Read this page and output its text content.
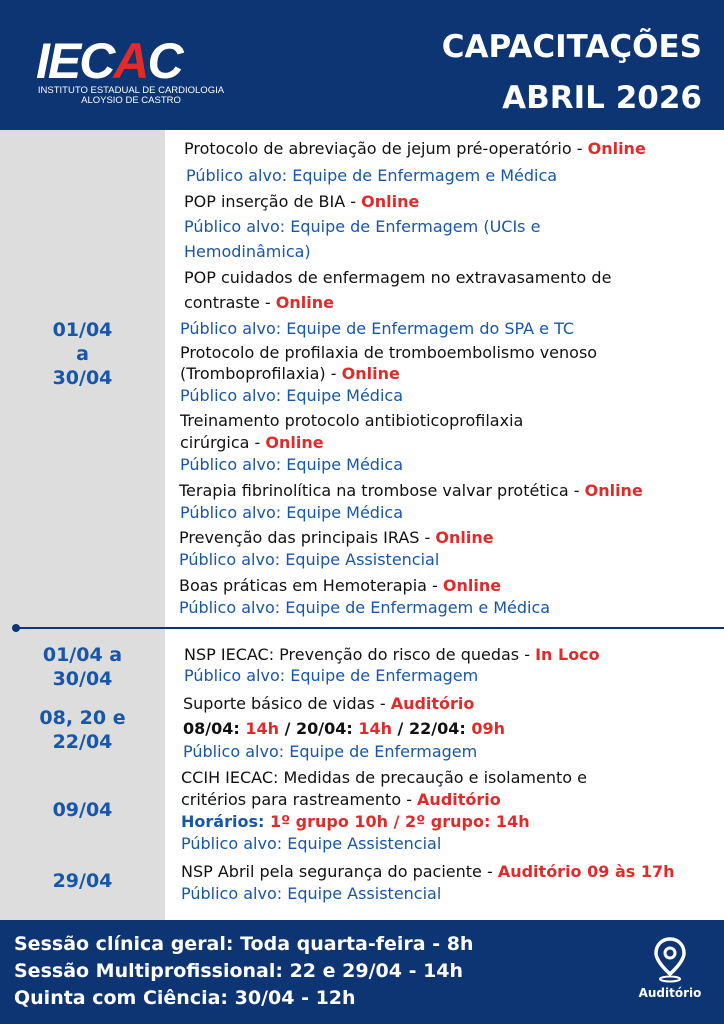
IECAC
INSTITUTO ESTADUAL DE CARDIOLOGIA
ALOYSIO DE CASTRO
CAPACITAÇÕES
ABRIL 2026
01/04
a
30/04
Protocolo de abreviação de jejum pré-operatório - Online
Público alvo: Equipe de Enfermagem e Médica
POP inserção de BIA - Online
Público alvo: Equipe de Enfermagem (UCIs e
Hemodinâmica)
POP cuidados de enfermagem no extravasamento de
contraste - Online
Público alvo: Equipe de Enfermagem do SPA e TC
Protocolo de profilaxia de tromboembolismo venoso
(Tromboprofilaxia) - Online
Público alvo: Equipe Médica
Treinamento protocolo antibioticoprofilaxia
cirúrgica - Online
Público alvo: Equipe Médica
Terapia fibrinolítica na trombose valvar protética - Online
Público alvo: Equipe Médica
Prevenção das principais IRAS - Online
Público alvo: Equipe Assistencial
Boas práticas em Hemoterapia - Online
Público alvo: Equipe de Enfermagem e Médica
01/04 a
30/04
08, 20 e
22/04
09/04
29/04
NSP IECAC: Prevenção do risco de quedas - In Loco
Público alvo: Equipe de Enfermagem
Suporte básico de vidas - Auditório
08/04: 14h / 20/04: 14h / 22/04: 09h
Público alvo: Equipe de Enfermagem
CCIH IECAC: Medidas de precaução e isolamento e
critérios para rastreamento - Auditório
Horários: 1º grupo 10h / 2º grupo: 14h
Público alvo: Equipe Assistencial
NSP Abril pela segurança do paciente - Auditório 09 às 17h
Público alvo: Equipe Assistencial
Sessão clínica geral: Toda quarta-feira - 8h
Sessão Multiprofissional: 22 e 29/04 - 14h
Quinta com Ciência: 30/04 - 12h	Auditório
